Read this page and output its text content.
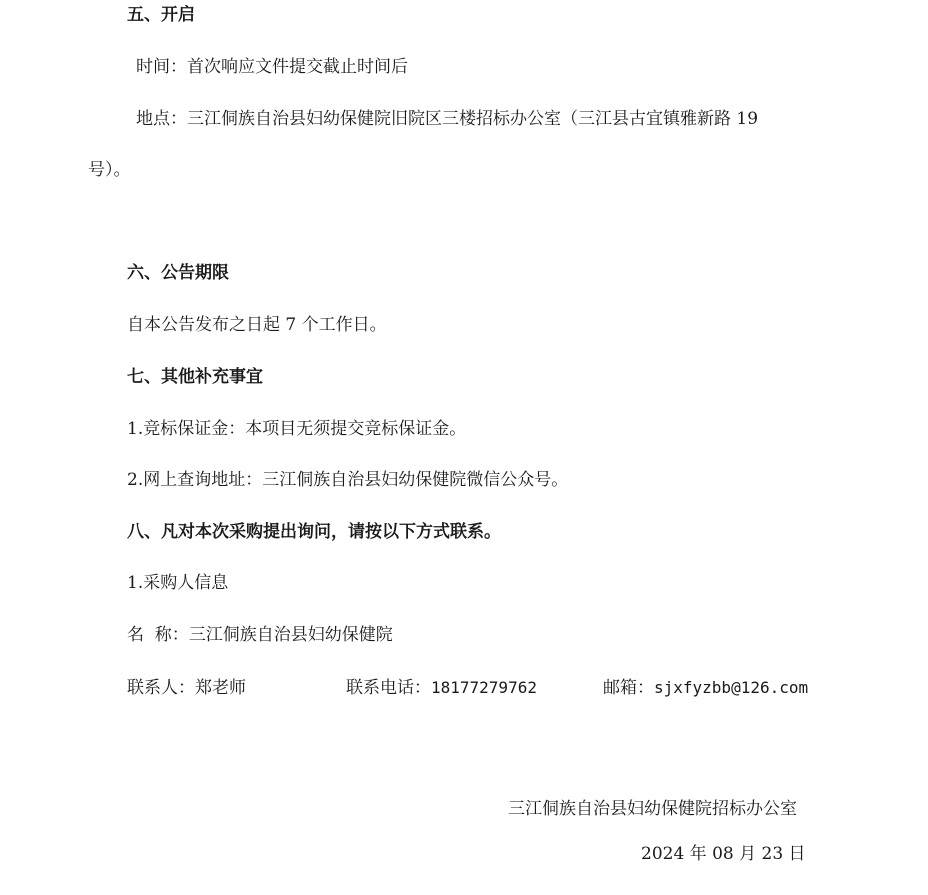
五、开启

时间：首次响应文件提交截止时间后

地点：三江侗族自治县妇幼保健院旧院区三楼招标办公室（三江县古宜镇雅新路 19

号）。

六、公告期限

自本公告发布之日起 7 个工作日。

七、其他补充事宜

1.竞标保证金：本项目无须提交竞标保证金。

2.网上查询地址：三江侗族自治县妇幼保健院微信公众号。

八、凡对本次采购提出询问，请按以下方式联系。

1.采购人信息

名  称：三江侗族自治县妇幼保健院

联系人：郑老师	联系电话：18177279762	邮箱：sjxfyzbb@126.com

三江侗族自治县妇幼保健院招标办公室

2024 年 08 月 23 日
